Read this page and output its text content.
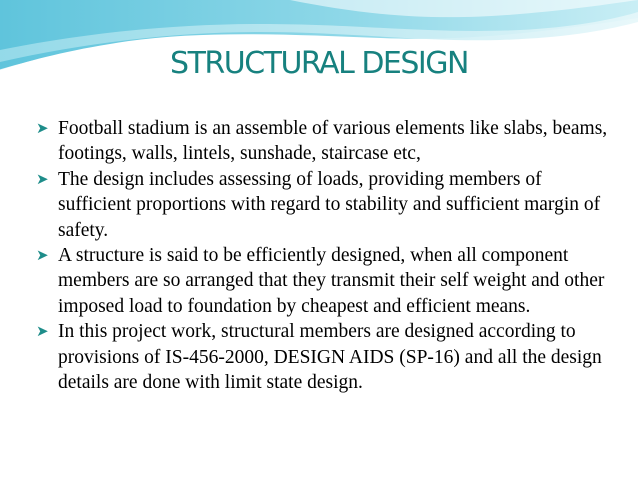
STRUCTURAL DESIGN
➤ Football stadium is an assemble of various elements like slabs, beams, footings, walls, lintels, sunshade, staircase etc,
➤ The design includes assessing of loads, providing members of sufficient proportions with regard to stability and sufficient margin of safety.
➤ A structure is said to be efficiently designed, when all component members are so arranged that they transmit their self weight and other imposed load to foundation by cheapest and efficient means.
➤ In this project work, structural members are designed according to provisions of IS-456-2000, DESIGN AIDS (SP-16) and all the design details are done with limit state design.
